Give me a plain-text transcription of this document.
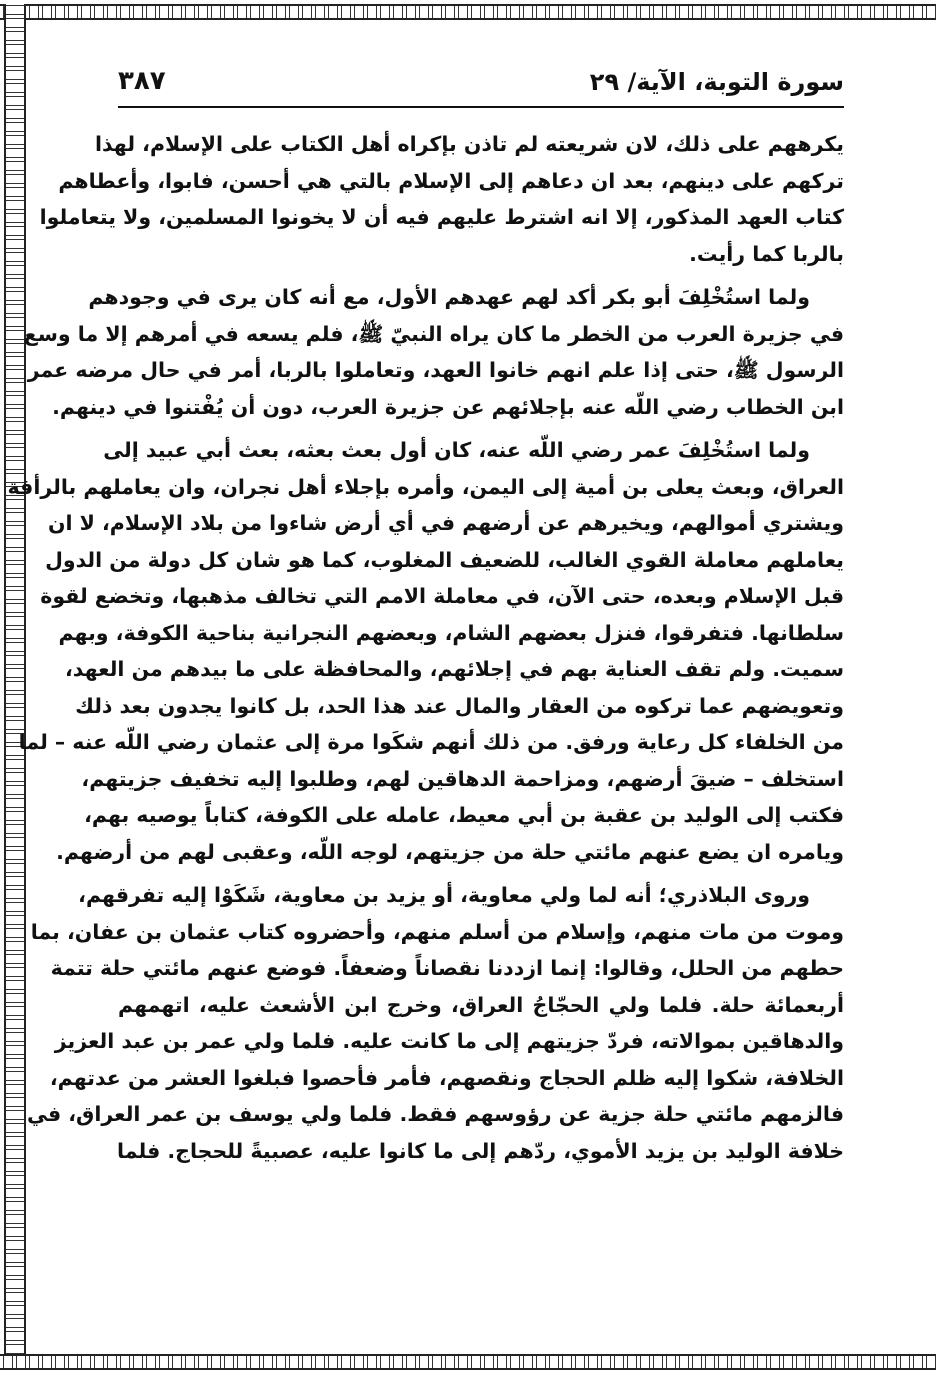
سورة التوبة، الآية/ ٢٩
٣٨٧

يكرههم على ذلك، لان شريعته لم تاذن بإكراه أهل الكتاب على الإسلام، لهذا
تركهم على دينهم، بعد ان دعاهم إلى الإسلام بالتي هي أحسن، فابوا، وأعطاهم
كتاب العهد المذكور، إلا انه اشترط عليهم فيه أن لا يخونوا المسلمين، ولا يتعاملوا
بالربا كما رأيت.

ولما استُخْلِفَ أبو بكر أكد لهم عهدهم الأول، مع أنه كان يرى في وجودهم
في جزيرة العرب من الخطر ما كان يراه النبيّ ﷺ، فلم يسعه في أمرهم إلا ما وسع
الرسول ﷺ، حتى إذا علم انهم خانوا العهد، وتعاملوا بالربا، أمر في حال مرضه عمر
ابن الخطاب رضي اللّه عنه بإجلائهم عن جزيرة العرب، دون أن يُفْتنوا في دينهم.

ولما استُخْلِفَ عمر رضي اللّه عنه، كان أول بعث بعثه، بعث أبي عبيد إلى
العراق، وبعث يعلى بن أمية إلى اليمن، وأمره بإجلاء أهل نجران، وان يعاملهم بالرأفة
ويشتري أموالهم، ويخيرهم عن أرضهم في أي أرض شاءوا من بلاد الإسلام، لا ان
يعاملهم معاملة القوي الغالب، للضعيف المغلوب، كما هو شان كل دولة من الدول
قبل الإسلام وبعده، حتى الآن، في معاملة الامم التي تخالف مذهبها، وتخضع لقوة
سلطانها. فتفرقوا، فنزل بعضهم الشام، وبعضهم النجرانية بناحية الكوفة، وبهم
سميت. ولم تقف العناية بهم في إجلائهم، والمحافظة على ما بيدهم من العهد،
وتعويضهم عما تركوه من العقار والمال عند هذا الحد، بل كانوا يجدون بعد ذلك
من الخلفاء كل رعاية ورفق. من ذلك أنهم شكَوا مرة إلى عثمان رضي اللّه عنه – لما
استخلف – ضيقَ أرضهم، ومزاحمة الدهاقين لهم، وطلبوا إليه تخفيف جزيتهم،
فكتب إلى الوليد بن عقبة بن أبي معيط، عامله على الكوفة، كتاباً يوصيه بهم،
ويامره ان يضع عنهم مائتي حلة من جزيتهم، لوجه اللّه، وعقبى لهم من أرضهم.

وروى البلاذري؛ أنه لما ولي معاوية، أو يزيد بن معاوية، شَكَوْا إليه تفرقهم،
وموت من مات منهم، وإسلام من أسلم منهم، وأحضروه كتاب عثمان بن عفان، بما
حطهم من الحلل، وقالوا: إنما ازددنا نقصاناً وضعفاً. فوضع عنهم مائتي حلة تتمة
أربعمائة حلة. فلما ولي الحجّاجُ العراق، وخرج ابن الأشعث عليه، اتهمهم
والدهاقين بموالاته، فردّ جزيتهم إلى ما كانت عليه. فلما ولي عمر بن عبد العزيز
الخلافة، شكوا إليه ظلم الحجاج ونقصهم، فأمر فأحصوا فبلغوا العشر من عدتهم،
فالزمهم مائتي حلة جزية عن رؤوسهم فقط. فلما ولي يوسف بن عمر العراق، في
خلافة الوليد بن يزيد الأموي، ردّهم إلى ما كانوا عليه، عصبيةً للحجاج. فلما
